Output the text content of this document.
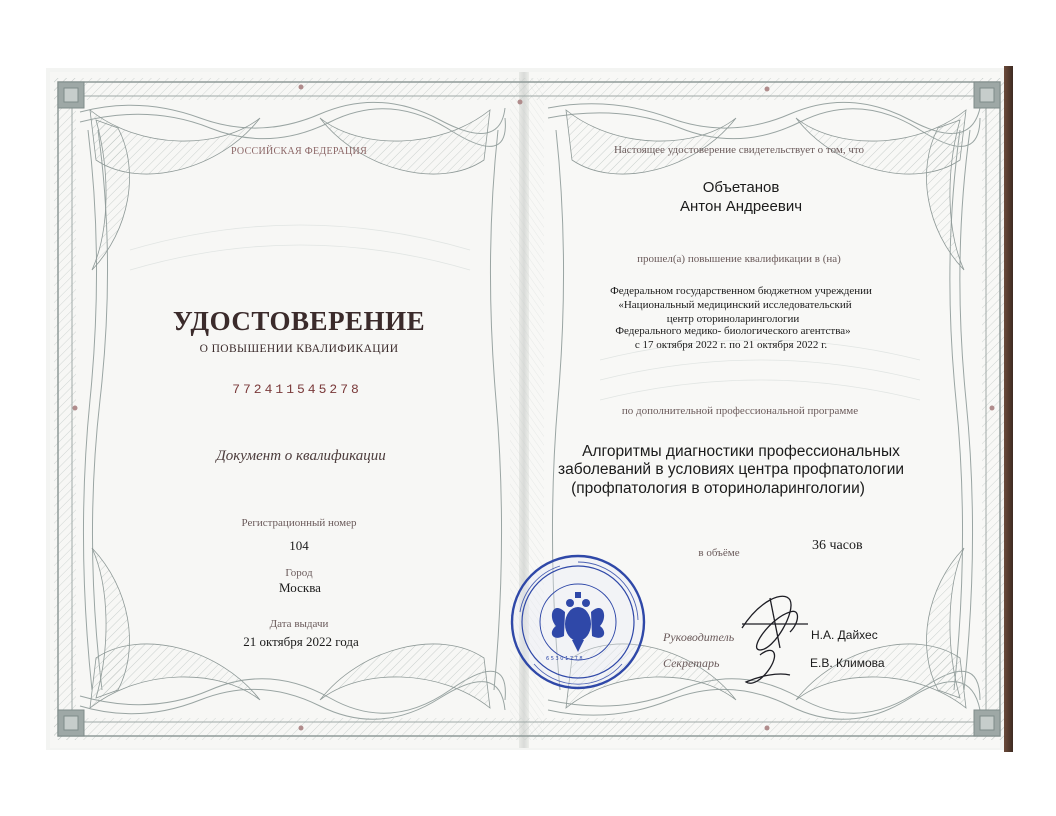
6 5 3 0 1 7 7 8
РОССИЙСКАЯ ФЕДЕРАЦИЯ
УДОСТОВЕРЕНИЕ
О ПОВЫШЕНИИ КВАЛИФИКАЦИИ
772411545278
Документ о квалификации
Регистрационный номер
104
Город
Москва
Дата выдачи
21 октября 2022 года
Настоящее удостоверение свидетельствует о том, что
Объетанов
Антон Андреевич
прошел(а) повышение квалификации в (на)
Федеральном государственном бюджетном учреждении
«Национальный медицинский исследовательский
центр оториноларингологии
Федерального медико- биологического агентства»
с 17 октября 2022 г. по 21 октября 2022 г.
по дополнительной профессиональной программе
Алгоритмы диагностики профессиональных
заболеваний в условиях центра профпатологии
(профпатология в оториноларингологии)
в объёме	36 часов
Руководитель
Секретарь
Н.А. Дайхес
Е.В. Климова
